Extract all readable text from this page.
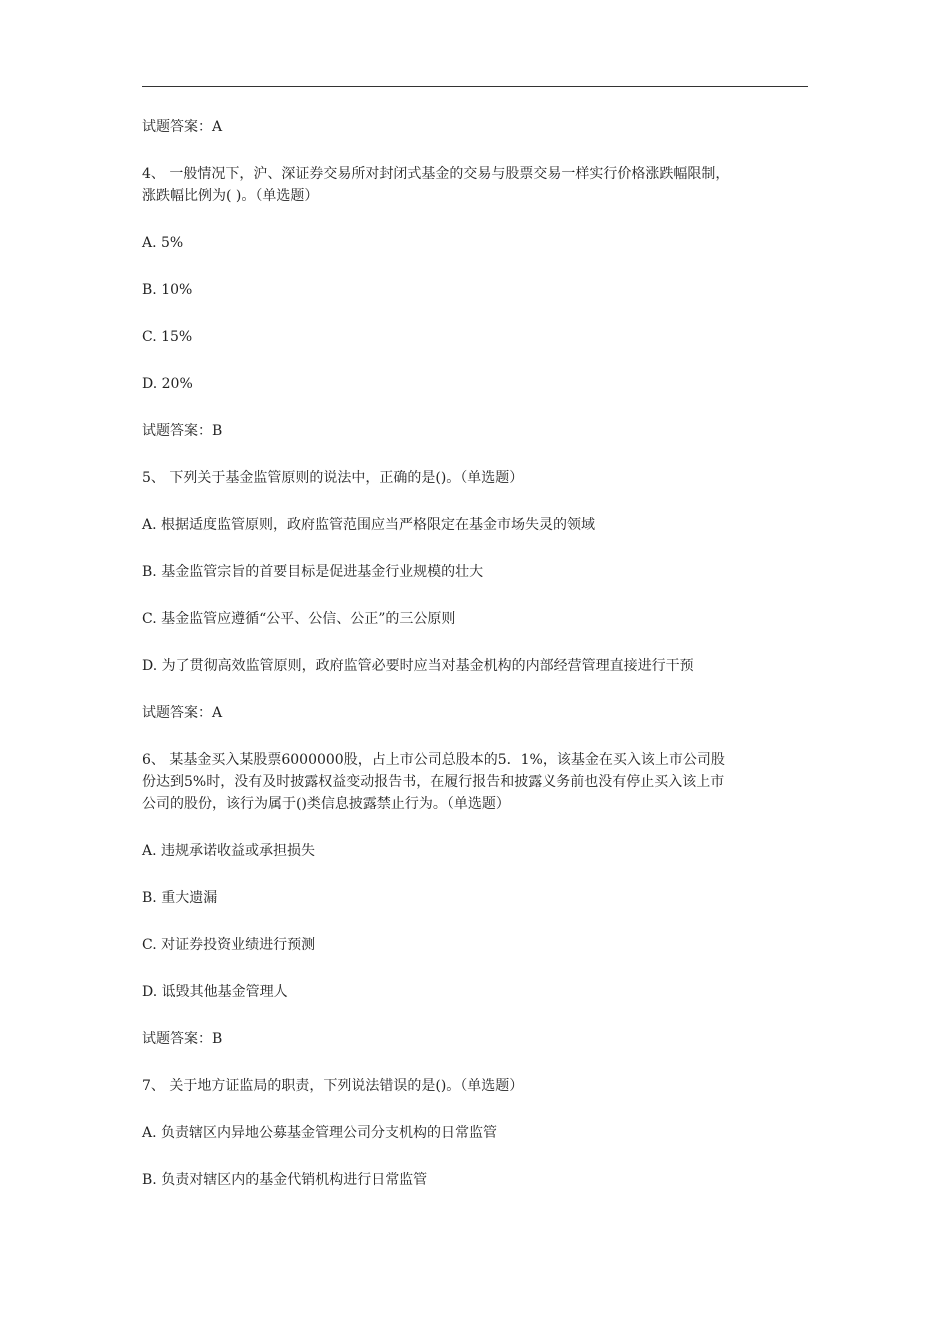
试题答案：A

4、 一般情况下，沪、深证券交易所对封闭式基金的交易与股票交易一样实行价格涨跌幅限制，

涨跌幅比例为( )。（单选题）

A. 5%

B. 10%

C. 15%

D. 20%

试题答案：B

5、 下列关于基金监管原则的说法中，正确的是()。（单选题）

A. 根据适度监管原则，政府监管范围应当严格限定在基金市场失灵的领域

B. 基金监管宗旨的首要目标是促进基金行业规模的壮大

C. 基金监管应遵循“公平、公信、公正”的三公原则

D. 为了贯彻高效监管原则，政府监管必要时应当对基金机构的内部经营管理直接进行干预

试题答案：A

6、 某基金买入某股票6000000股，占上市公司总股本的5．1%，该基金在买入该上市公司股

份达到5%时，没有及时披露权益变动报告书，在履行报告和披露义务前也没有停止买入该上市

公司的股份，该行为属于()类信息披露禁止行为。（单选题）

A. 违规承诺收益或承担损失

B. 重大遗漏

C. 对证券投资业绩进行预测

D. 诋毁其他基金管理人

试题答案：B

7、 关于地方证监局的职责，下列说法错误的是()。（单选题）

A. 负责辖区内异地公募基金管理公司分支机构的日常监管

B. 负责对辖区内的基金代销机构进行日常监管
